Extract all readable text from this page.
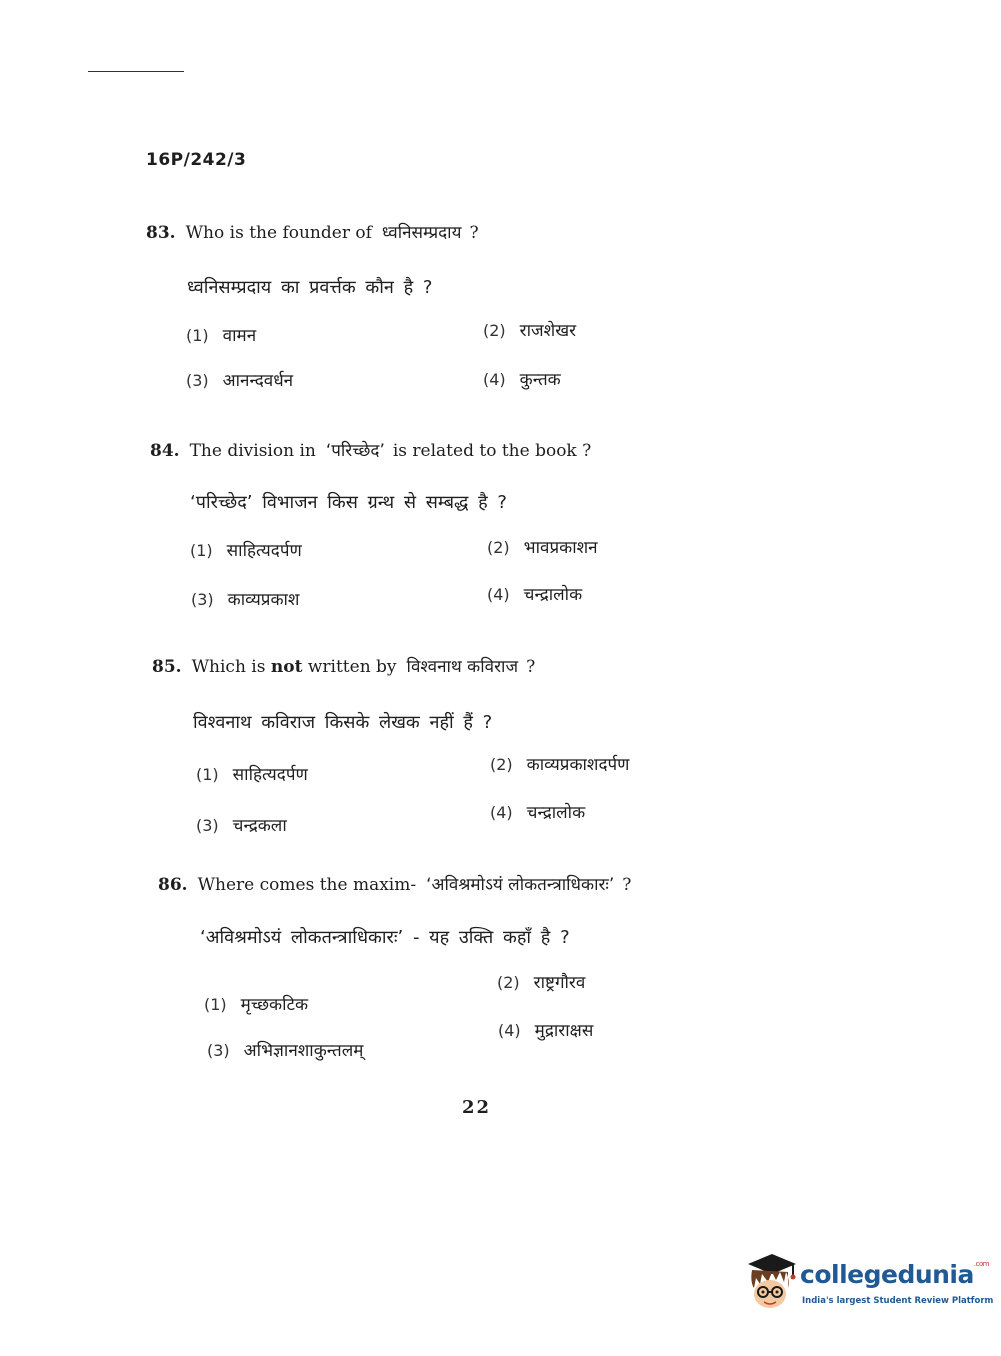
16P/242/3
83. Who is the founder of ध्वनिसम्प्रदाय ?
ध्वनिसम्प्रदाय का प्रवर्त्तक कौन है ?
(1) वामन	(2) राजशेखर
(3) आनन्दवर्धन	(4) कुन्तक
84. The division in ‘परिच्छेद’ is related to the book ?
‘परिच्छेद’ विभाजन किस ग्रन्थ से सम्बद्ध है ?
(1) साहित्यदर्पण	(2) भावप्रकाशन
(3) काव्यप्रकाश	(4) चन्द्रालोक
85. Which is not written by विश्वनाथ कविराज ?
विश्वनाथ कविराज किसके लेखक नहीं हैं ?
(1) साहित्यदर्पण
(2) काव्यप्रकाशदर्पण
(3) चन्द्रकला
(4) चन्द्रालोक
86. Where comes the maxim- ‘अविश्रमोऽयं लोकतन्त्राधिकारः’ ?
‘अविश्रमोऽयं लोकतन्त्राधिकारः’ - यह उक्ति कहाँ है ?
(1) मृच्छकटिक
(2) राष्ट्रगौरव
(3) अभिज्ञानशाकुन्तलम्
(4) मुद्राराक्षस
22
collegedunia$^{.com}$
India's largest Student Review Platform
